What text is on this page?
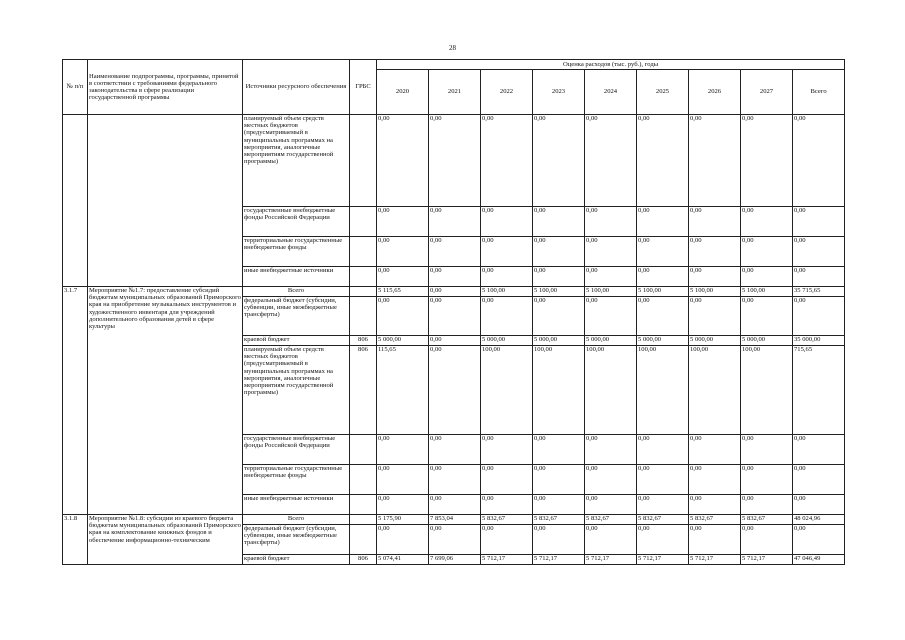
28
№ п/п	Наименование подпрограммы, программы, принятой в соответствии с требованиями федерального законодательства в сфере реализации государственной программы	Источники ресурсного обеспечения	ГРБС	Оценка расходов (тыс. руб.), годы								
				2020	2021	2022	2023	2024	2025	2026	2027	Всего
		планируемый объем средств местных бюджетов (предусматриваемый в муниципальных программах на мероприятия, аналогичные мероприятиям государственной программы)		0,00	0,00	0,00	0,00	0,00	0,00	0,00	0,00	0,00
		государственные внебюджетные фонды Российской Федерации		0,00	0,00	0,00	0,00	0,00	0,00	0,00	0,00	0,00
		территориальные государственные внебюджетные фонды		0,00	0,00	0,00	0,00	0,00	0,00	0,00	0,00	0,00
		иные внебюджетные источники		0,00	0,00	0,00	0,00	0,00	0,00	0,00	0,00	0,00
3.1.7	Мероприятие №1.7: предоставление субсидий бюджетам муниципальных образований Приморского края на приобретение музыкальных инструментов и художественного инвентаря для учреждений дополнительного образования детей в сфере культуры	Всего		5 115,65	0,00	5 100,00	5 100,00	5 100,00	5 100,00	5 100,00	5 100,00	35 715,65
		федеральный бюджет (субсидии, субвенции, иные межбюджетные трансферты)		0,00	0,00	0,00	0,00	0,00	0,00	0,00	0,00	0,00
		краевой бюджет	806	5 000,00	0,00	5 000,00	5 000,00	5 000,00	5 000,00	5 000,00	5 000,00	35 000,00
		планируемый объем средств местных бюджетов (предусматриваемый в муниципальных программах на мероприятия, аналогичные мероприятиям государственной программы)	806	115,65	0,00	100,00	100,00	100,00	100,00	100,00	100,00	715,65
		государственные внебюджетные фонды Российской Федерации		0,00	0,00	0,00	0,00	0,00	0,00	0,00	0,00	0,00
		территориальные государственные внебюджетные фонды		0,00	0,00	0,00	0,00	0,00	0,00	0,00	0,00	0,00
		иные внебюджетные источники		0,00	0,00	0,00	0,00	0,00	0,00	0,00	0,00	0,00
3.1.8	Мероприятие №1.8: субсидии из краевого бюджета бюджетам муниципальных образований Приморского края на комплектование книжных фондов и обеспечение информационно-техническим	Всего		5 175,90	7 853,04	5 832,67	5 832,67	5 832,67	5 832,67	5 832,67	5 832,67	48 024,96
		федеральный бюджет (субсидии, субвенции, иные межбюджетные трансферты)		0,00	0,00	0,00	0,00	0,00	0,00	0,00	0,00	0,00
		краевой бюджет	806	5 074,41	7 699,06	5 712,17	5 712,17	5 712,17	5 712,17	5 712,17	5 712,17	47 046,49
